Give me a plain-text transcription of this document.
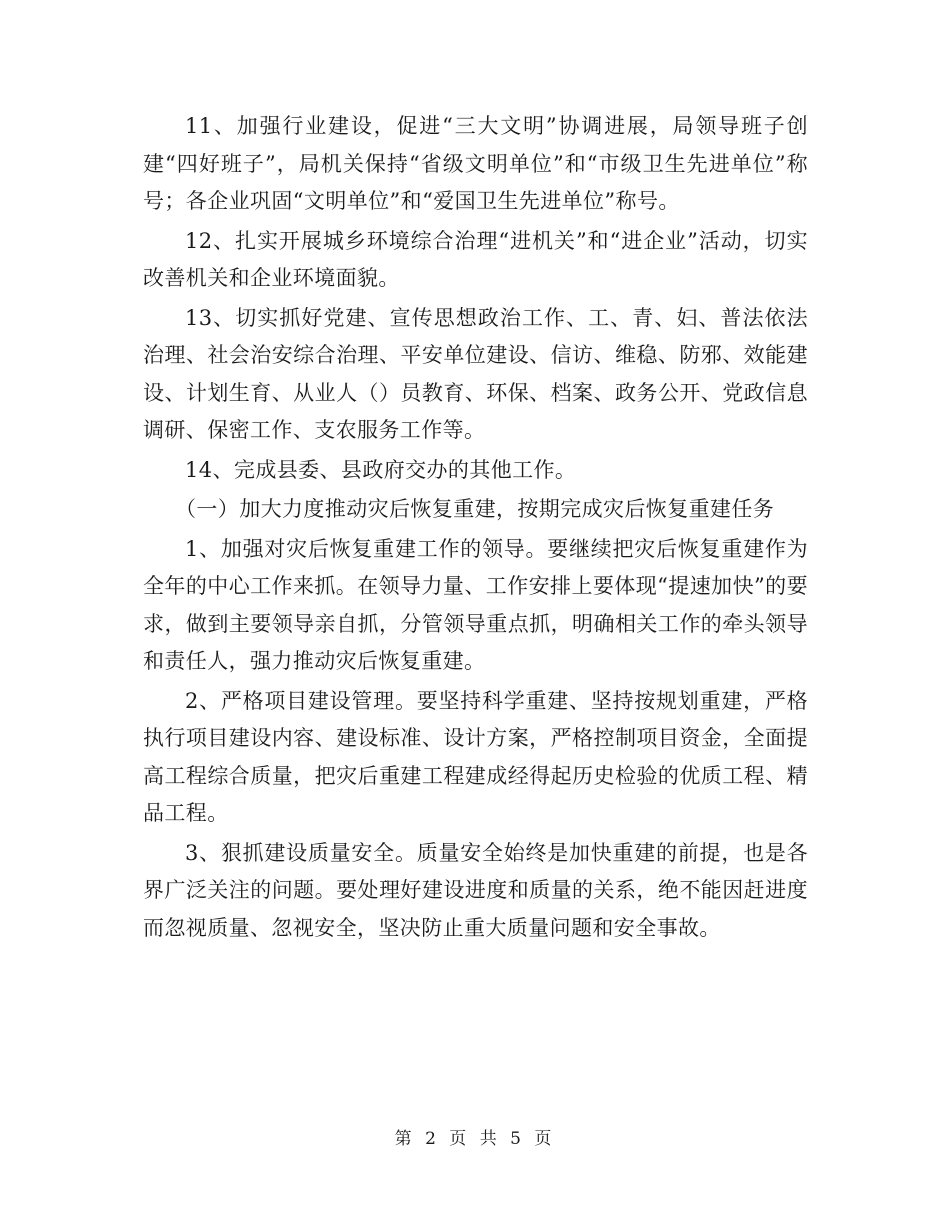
11、加强行业建设，促进“三大文明”协调进展，局领导班子创建“四好班子”，局机关保持“省级文明单位”和“市级卫生先进单位”称号；各企业巩固“文明单位”和“爱国卫生先进单位”称号。

12、扎实开展城乡环境综合治理“进机关”和“进企业”活动，切实改善机关和企业环境面貌。

13、切实抓好党建、宣传思想政治工作、工、青、妇、普法依法治理、社会治安综合治理、平安单位建设、信访、维稳、防邪、效能建设、计划生育、从业人（）员教育、环保、档案、政务公开、党政信息调研、保密工作、支农服务工作等。

14、完成县委、县政府交办的其他工作。

（一）加大力度推动灾后恢复重建，按期完成灾后恢复重建任务

1、加强对灾后恢复重建工作的领导。要继续把灾后恢复重建作为全年的中心工作来抓。在领导力量、工作安排上要体现“提速加快”的要求，做到主要领导亲自抓，分管领导重点抓，明确相关工作的牵头领导和责任人，强力推动灾后恢复重建。

2、严格项目建设管理。要坚持科学重建、坚持按规划重建，严格执行项目建设内容、建设标准、设计方案，严格控制项目资金，全面提高工程综合质量，把灾后重建工程建成经得起历史检验的优质工程、精品工程。

3、狠抓建设质量安全。质量安全始终是加快重建的前提，也是各界广泛关注的问题。要处理好建设进度和质量的关系，绝不能因赶进度而忽视质量、忽视安全，坚决防止重大质量问题和安全事故。

第 2 页 共 5 页
